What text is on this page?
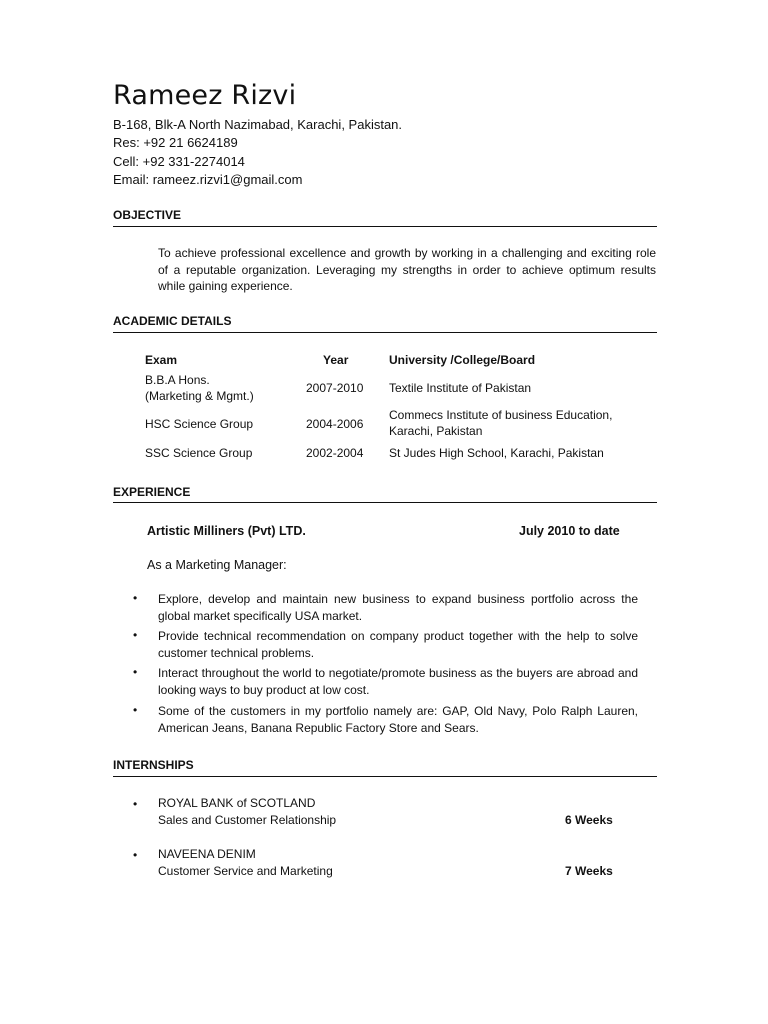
Rameez Rizvi
B-168, Blk-A North Nazimabad, Karachi, Pakistan.
Res: +92 21 6624189
Cell: +92 331-2274014
Email: rameez.rizvi1@gmail.com
OBJECTIVE
To achieve professional excellence and growth by working in a challenging and exciting role of a reputable organization. Leveraging my strengths in order to achieve optimum results while gaining experience.
ACADEMIC DETAILS
Exam	Year	University /College/Board
B.B.A Hons.
(Marketing & Mgmt.)
2007-2010 Textile Institute of Pakistan
HSC Science Group	2004-2006
Commecs Institute of business Education,
Karachi, Pakistan
SSC Science Group	2002-2004 St Judes High School, Karachi, Pakistan
EXPERIENCE
Artistic Milliners (Pvt) LTD.	July 2010 to date
As a Marketing Manager:
• Explore, develop and maintain new business to expand business portfolio across the global market specifically USA market.
• Provide technical recommendation on company product together with the help to solve customer technical problems.
• Interact throughout the world to negotiate/promote business as the buyers are abroad and looking ways to buy product at low cost.
• Some of the customers in my portfolio namely are: GAP, Old Navy, Polo Ralph Lauren, American Jeans, Banana Republic Factory Store and Sears.
INTERNSHIPS
• ROYAL BANK of SCOTLAND
Sales and Customer Relationship	6 Weeks
• NAVEENA DENIM
Customer Service and Marketing	7 Weeks
